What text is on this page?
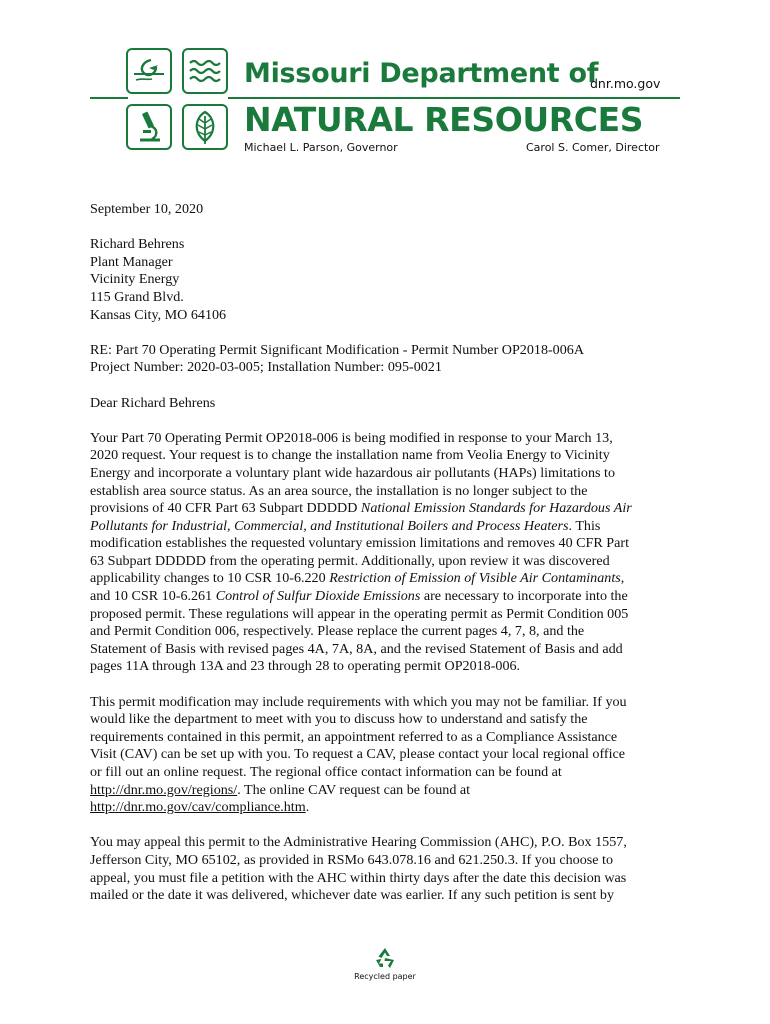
Missouri Department of
dnr.mo.gov
NATURAL RESOURCES
Michael L. Parson, Governor	Carol S. Comer, Director

September 10, 2020

Richard Behrens
Plant Manager
Vicinity Energy
115 Grand Blvd.
Kansas City, MO 64106

RE: Part 70 Operating Permit Significant Modification - Permit Number OP2018-006A
Project Number: 2020-03-005; Installation Number: 095-0021

Dear Richard Behrens

Your Part 70 Operating Permit OP2018-006 is being modified in response to your March 13,
2020 request. Your request is to change the installation name from Veolia Energy to Vicinity
Energy and incorporate a voluntary plant wide hazardous air pollutants (HAPs) limitations to
establish area source status. As an area source, the installation is no longer subject to the
provisions of 40 CFR Part 63 Subpart DDDDD National Emission Standards for Hazardous Air
Pollutants for Industrial, Commercial, and Institutional Boilers and Process Heaters. This
modification establishes the requested voluntary emission limitations and removes 40 CFR Part
63 Subpart DDDDD from the operating permit. Additionally, upon review it was discovered
applicability changes to 10 CSR 10-6.220 Restriction of Emission of Visible Air Contaminants,
and 10 CSR 10-6.261 Control of Sulfur Dioxide Emissions are necessary to incorporate into the
proposed permit. These regulations will appear in the operating permit as Permit Condition 005
and Permit Condition 006, respectively. Please replace the current pages 4, 7, 8, and the
Statement of Basis with revised pages 4A, 7A, 8A, and the revised Statement of Basis and add
pages 11A through 13A and 23 through 28 to operating permit OP2018-006.

This permit modification may include requirements with which you may not be familiar. If you
would like the department to meet with you to discuss how to understand and satisfy the
requirements contained in this permit, an appointment referred to as a Compliance Assistance
Visit (CAV) can be set up with you. To request a CAV, please contact your local regional office
or fill out an online request. The regional office contact information can be found at
http://dnr.mo.gov/regions/. The online CAV request can be found at
http://dnr.mo.gov/cav/compliance.htm.

You may appeal this permit to the Administrative Hearing Commission (AHC), P.O. Box 1557,
Jefferson City, MO 65102, as provided in RSMo 643.078.16 and 621.250.3. If you choose to
appeal, you must file a petition with the AHC within thirty days after the date this decision was
mailed or the date it was delivered, whichever date was earlier. If any such petition is sent by

Recycled paper
